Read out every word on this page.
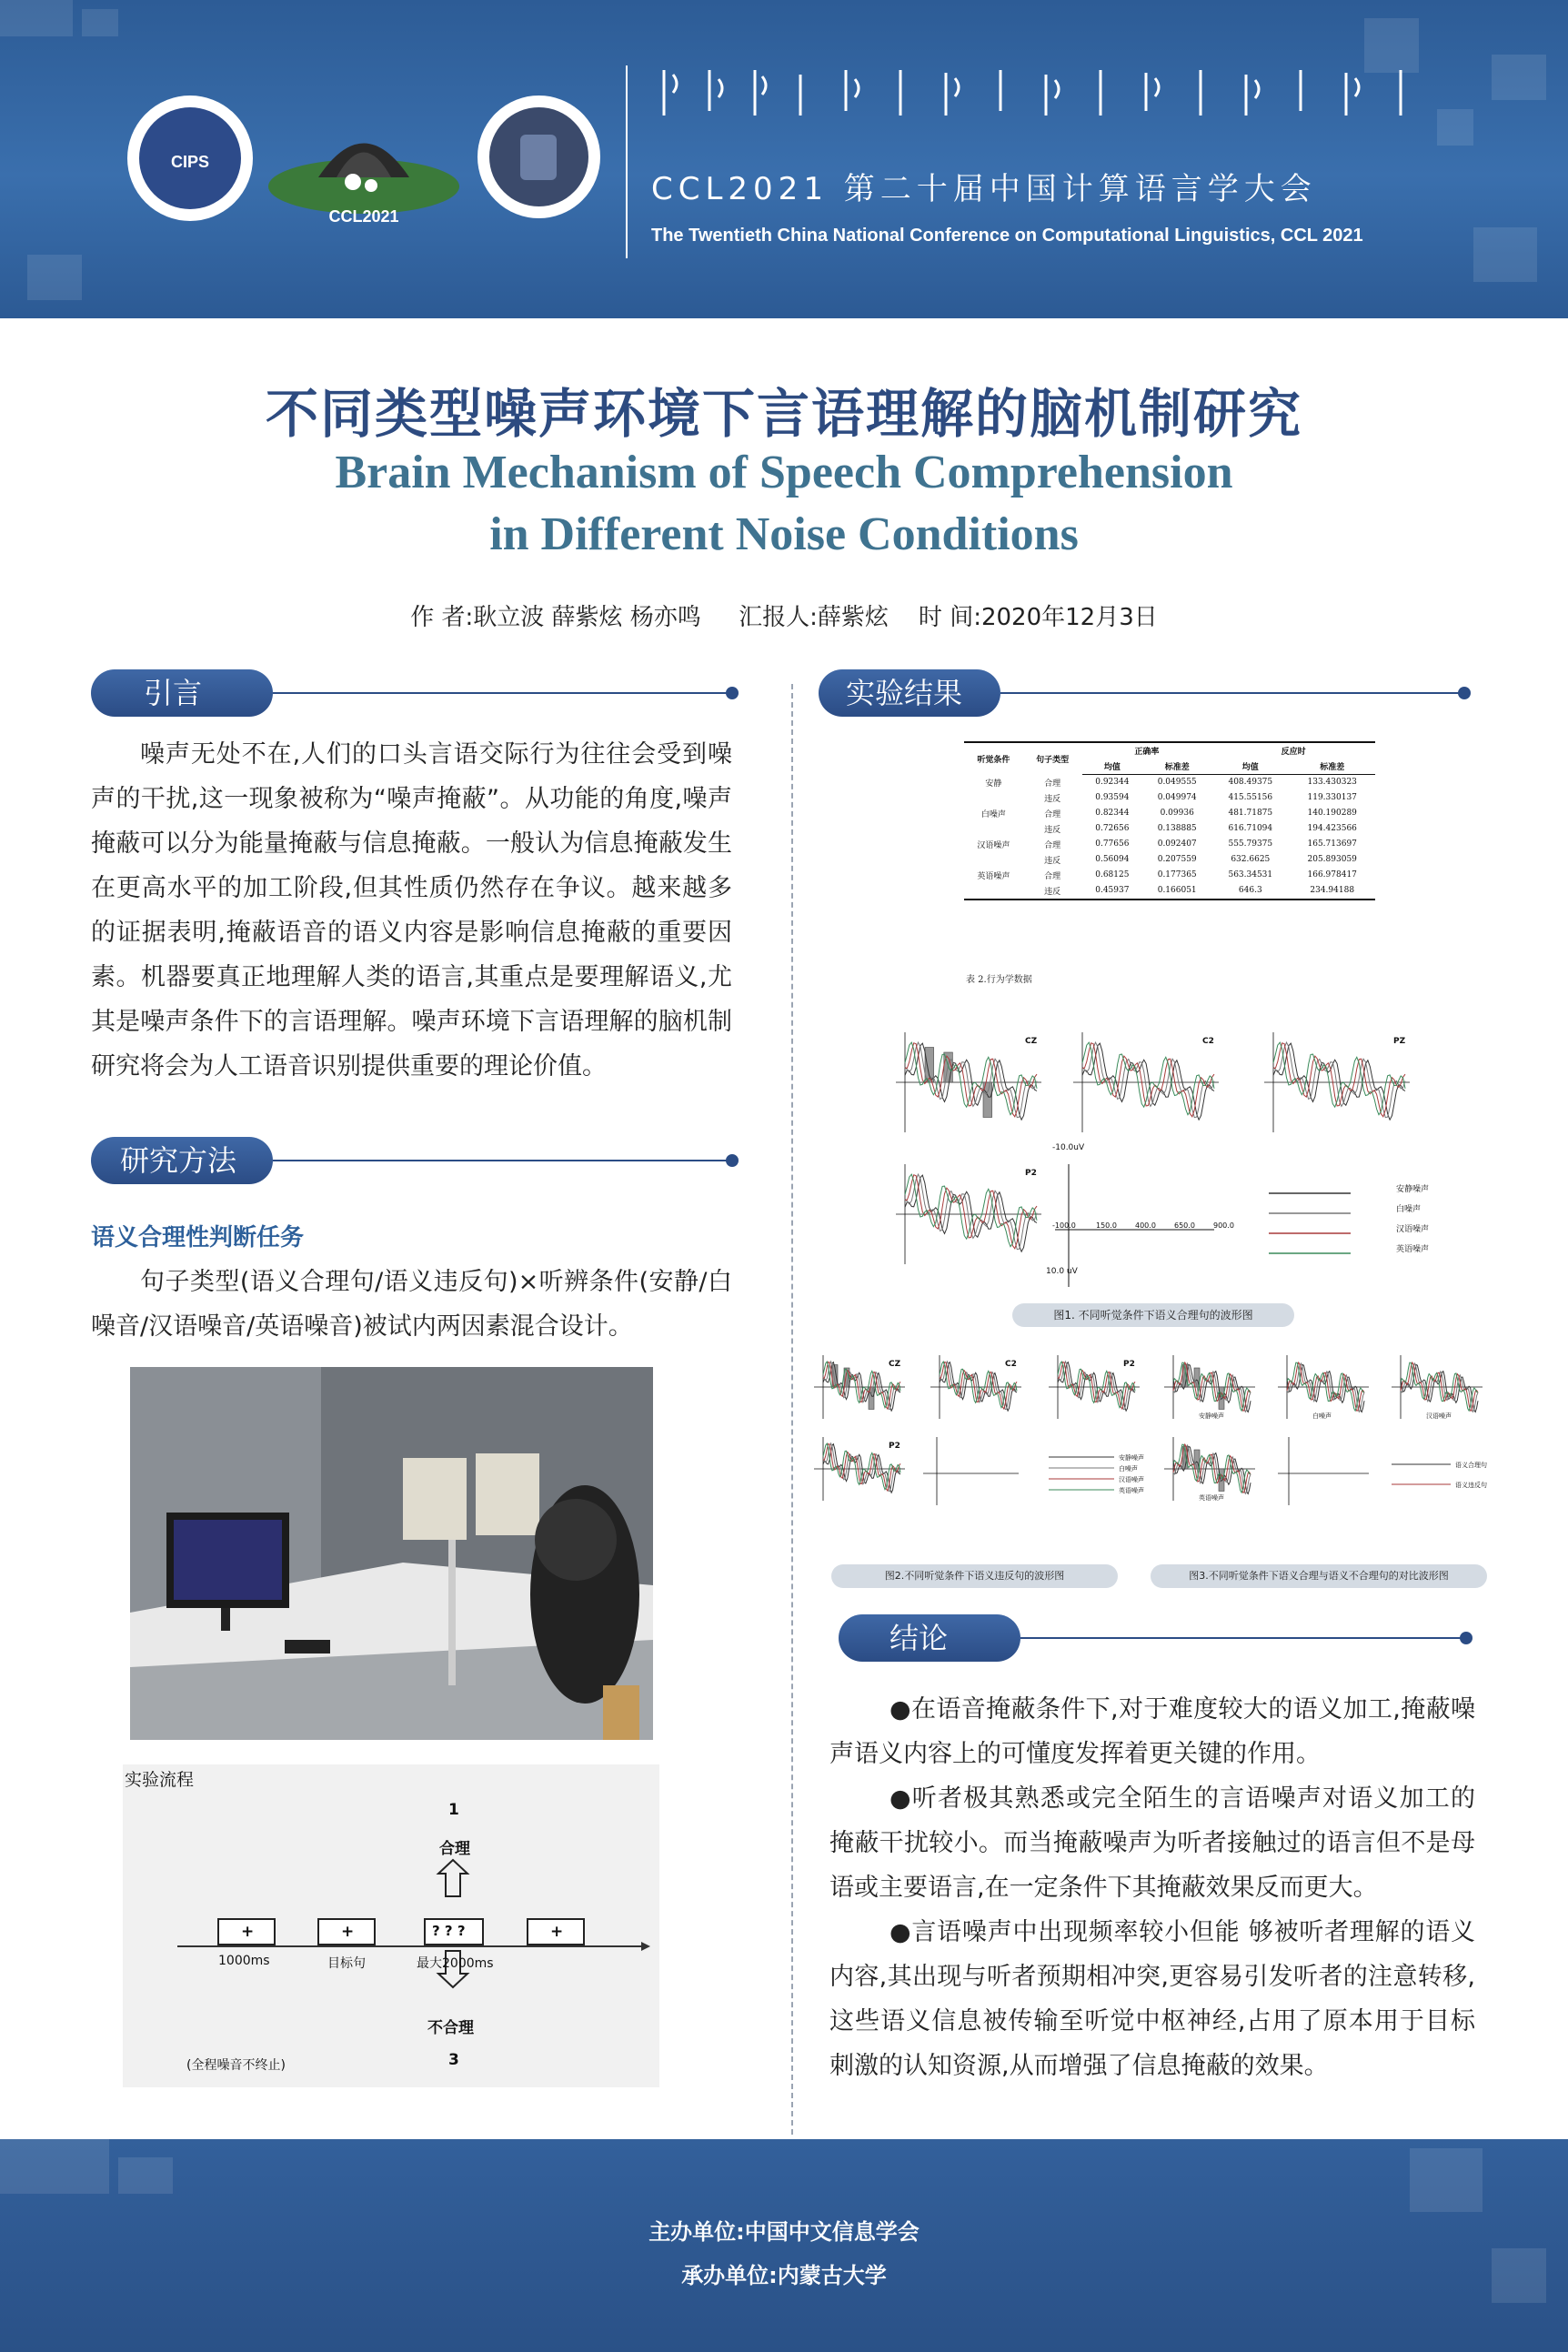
CIPS
CCL2021
CCL2021 第二十届中国计算语言学大会
The Twentieth China National Conference on Computational Linguistics, CCL 2021
不同类型噪声环境下言语理解的脑机制研究
Brain Mechanism of Speech Comprehension
in Different Noise Conditions
作 者:耿立波 薛紫炫 杨亦鸣     汇报人:薛紫炫    时 间:2020年12月3日
引言
噪声无处不在,人们的口头言语交际行为往往会受到噪声的干扰,这一现象被称为“噪声掩蔽”。从功能的角度,噪声掩蔽可以分为能量掩蔽与信息掩蔽。一般认为信息掩蔽发生在更高水平的加工阶段,但其性质仍然存在争议。越来越多的证据表明,掩蔽语音的语义内容是影响信息掩蔽的重要因素。机器要真正地理解人类的语言,其重点是要理解语义,尤其是噪声条件下的言语理解。噪声环境下言语理解的脑机制研究将会为人工语音识别提供重要的理论价值。
研究方法
语义合理性判断任务
句子类型(语义合理句/语义违反句)×听辨条件(安静/白噪音/汉语噪音/英语噪音)被试内两因素混合设计。
实验流程
1
合理
+	+	? ? ?	+
1000ms	目标句	最大2000ms
不合理
3
(全程噪音不终止)
实验结果
听觉条件	句子类型	正确率		反应时	
		均值	标准差	均值	标准差
安静	合理	0.92344	0.049555	408.49375	133.430323
	违反	0.93594	0.049974	415.55156	119.330137
白噪声	合理	0.82344	0.09936	481.71875	140.190289
	违反	0.72656	0.138885	616.71094	194.423566
汉语噪声	合理	0.77656	0.092407	555.79375	165.713697
	违反	0.56094	0.207559	632.6625	205.893059
英语噪声	合理	0.68125	0.177365	563.34531	166.978417
	违反	0.45937	0.166051	646.3	234.94188
表 2.行为学数据
CZ	C2	PZ
P2
-10.0uV
10.0 uV
-100.0	150.0	400.0	650.0	900.0
安静噪声
白噪声
汉语噪声
英语噪声
图1. 不同听觉条件下语义合理句的波形图
CZ	C2
P2
P2
安静噪声
白噪声
汉语噪声
英语噪声
安静噪声	白噪声	汉语噪声
英语噪声
语义合理句
语义违反句
图2.不同听觉条件下语义违反句的波形图	图3.不同听觉条件下语义合理与语义不合理句的对比波形图
结论

●在语音掩蔽条件下,对于难度较大的语义加工,掩蔽噪声语义内容上的可懂度发挥着更关键的作用。

●听者极其熟悉或完全陌生的言语噪声对语义加工的掩蔽干扰较小。而当掩蔽噪声为听者接触过的语言但不是母语或主要语言,在一定条件下其掩蔽效果反而更大。

●言语噪声中出现频率较小但能 够被听者理解的语义内容,其出现与听者预期相冲突,更容易引发听者的注意转移,这些语义信息被传输至听觉中枢神经,占用了原本用于目标刺激的认知资源,从而增强了信息掩蔽的效果。

主办单位:中国中文信息学会
承办单位:内蒙古大学
